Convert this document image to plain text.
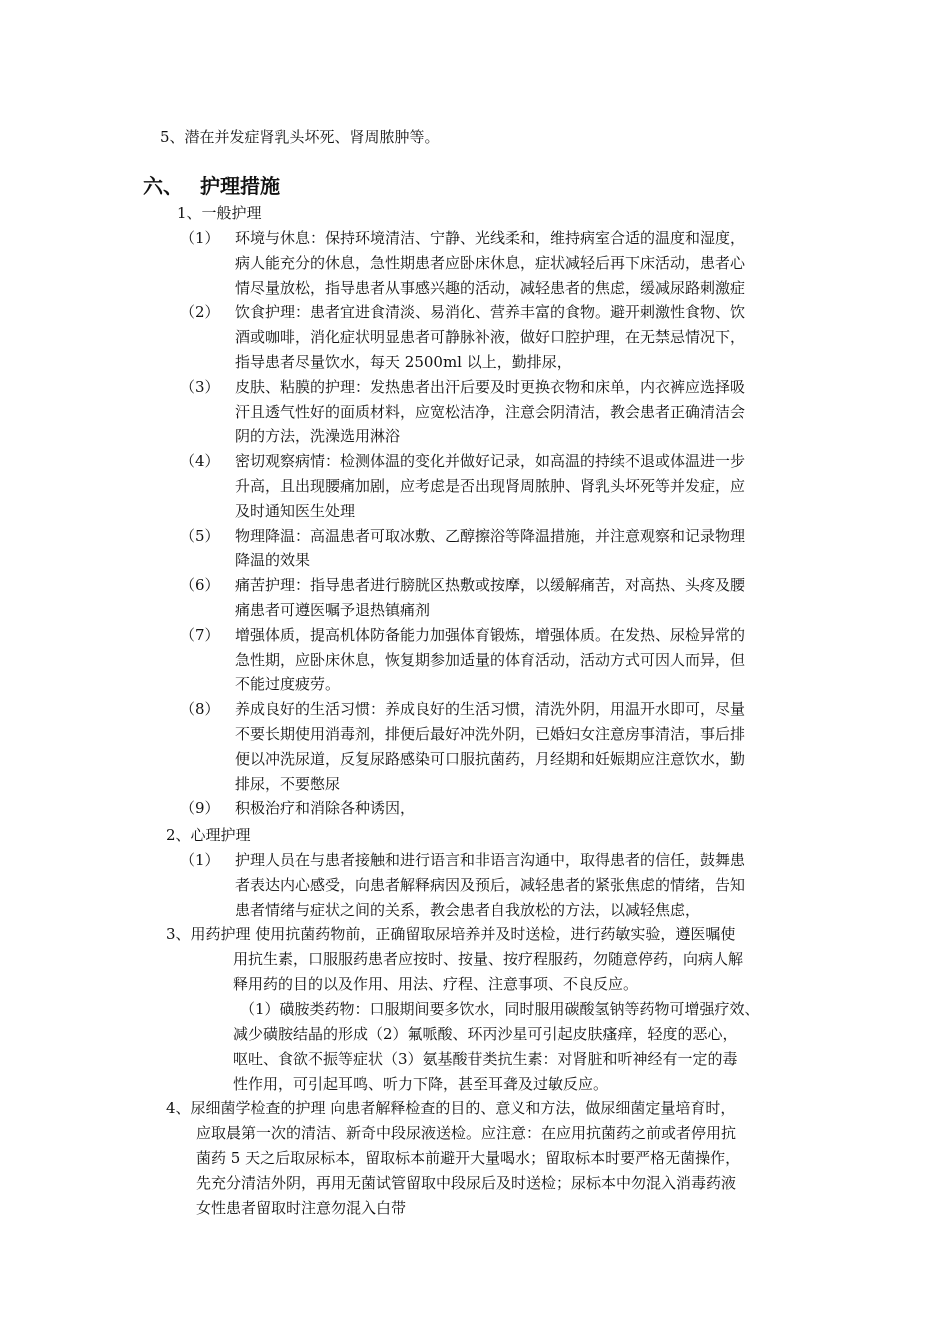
5、潜在并发症肾乳头坏死、肾周脓肿等。
六、 护理措施
1、一般护理
（1） 环境与休息：保持环境清洁、宁静、光线柔和，维持病室合适的温度和湿度，
病人能充分的休息，急性期患者应卧床休息，症状减轻后再下床活动，患者心
情尽量放松，指导患者从事感兴趣的活动，减轻患者的焦虑，缓减尿路刺激症
（2） 饮食护理：患者宜进食清淡、易消化、营养丰富的食物。避开刺激性食物、饮
酒或咖啡，消化症状明显患者可静脉补液，做好口腔护理，在无禁忌情况下，
指导患者尽量饮水，每天 2500ml 以上，勤排尿，
（3） 皮肤、粘膜的护理：发热患者出汗后要及时更换衣物和床单，内衣裤应选择吸
汗且透气性好的面质材料，应宽松洁净，注意会阴清洁，教会患者正确清洁会
阴的方法，洗澡选用淋浴
（4） 密切观察病情：检测体温的变化并做好记录，如高温的持续不退或体温进一步
升高，且出现腰痛加剧，应考虑是否出现肾周脓肿、肾乳头坏死等并发症，应
及时通知医生处理
（5） 物理降温：高温患者可取冰敷、乙醇擦浴等降温措施，并注意观察和记录物理
降温的效果
（6） 痛苦护理：指导患者进行膀胱区热敷或按摩，以缓解痛苦，对高热、头疼及腰
痛患者可遵医嘱予退热镇痛剂
（7） 增强体质，提高机体防备能力加强体育锻炼，增强体质。在发热、尿检异常的
急性期，应卧床休息，恢复期参加适量的体育活动，活动方式可因人而异，但
不能过度疲劳。
（8） 养成良好的生活习惯：养成良好的生活习惯，清洗外阴，用温开水即可，尽量
不要长期使用消毒剂，排便后最好冲洗外阴，已婚妇女注意房事清洁，事后排
便以冲洗尿道，反复尿路感染可口服抗菌药，月经期和妊娠期应注意饮水，勤
排尿，不要憋尿
（9） 积极治疗和消除各种诱因，
2、心理护理
（1） 护理人员在与患者接触和进行语言和非语言沟通中，取得患者的信任，鼓舞患
者表达内心感受，向患者解释病因及预后，减轻患者的紧张焦虑的情绪，告知
患者情绪与症状之间的关系，教会患者自我放松的方法，以减轻焦虑，
3、用药护理 使用抗菌药物前，正确留取尿培养并及时送检，进行药敏实验，遵医嘱使
用抗生素，口服服药患者应按时、按量、按疗程服药，勿随意停药，向病人解
释用药的目的以及作用、用法、疗程、注意事项、不良反应。
（1）磺胺类药物：口服期间要多饮水，同时服用碳酸氢钠等药物可增强疗效、
减少磺胺结晶的形成（2）氟哌酸、环丙沙星可引起皮肤瘙痒，轻度的恶心，
呕吐、食欲不振等症状（3）氨基酸苷类抗生素：对肾脏和听神经有一定的毒
性作用，可引起耳鸣、听力下降，甚至耳聋及过敏反应。
4、尿细菌学检查的护理 向患者解释检查的目的、意义和方法，做尿细菌定量培育时，
应取晨第一次的清洁、新奇中段尿液送检。应注意：在应用抗菌药之前或者停用抗
菌药 5 天之后取尿标本，留取标本前避开大量喝水；留取标本时要严格无菌操作，
先充分清洁外阴，再用无菌试管留取中段尿后及时送检；尿标本中勿混入消毒药液
女性患者留取时注意勿混入白带
